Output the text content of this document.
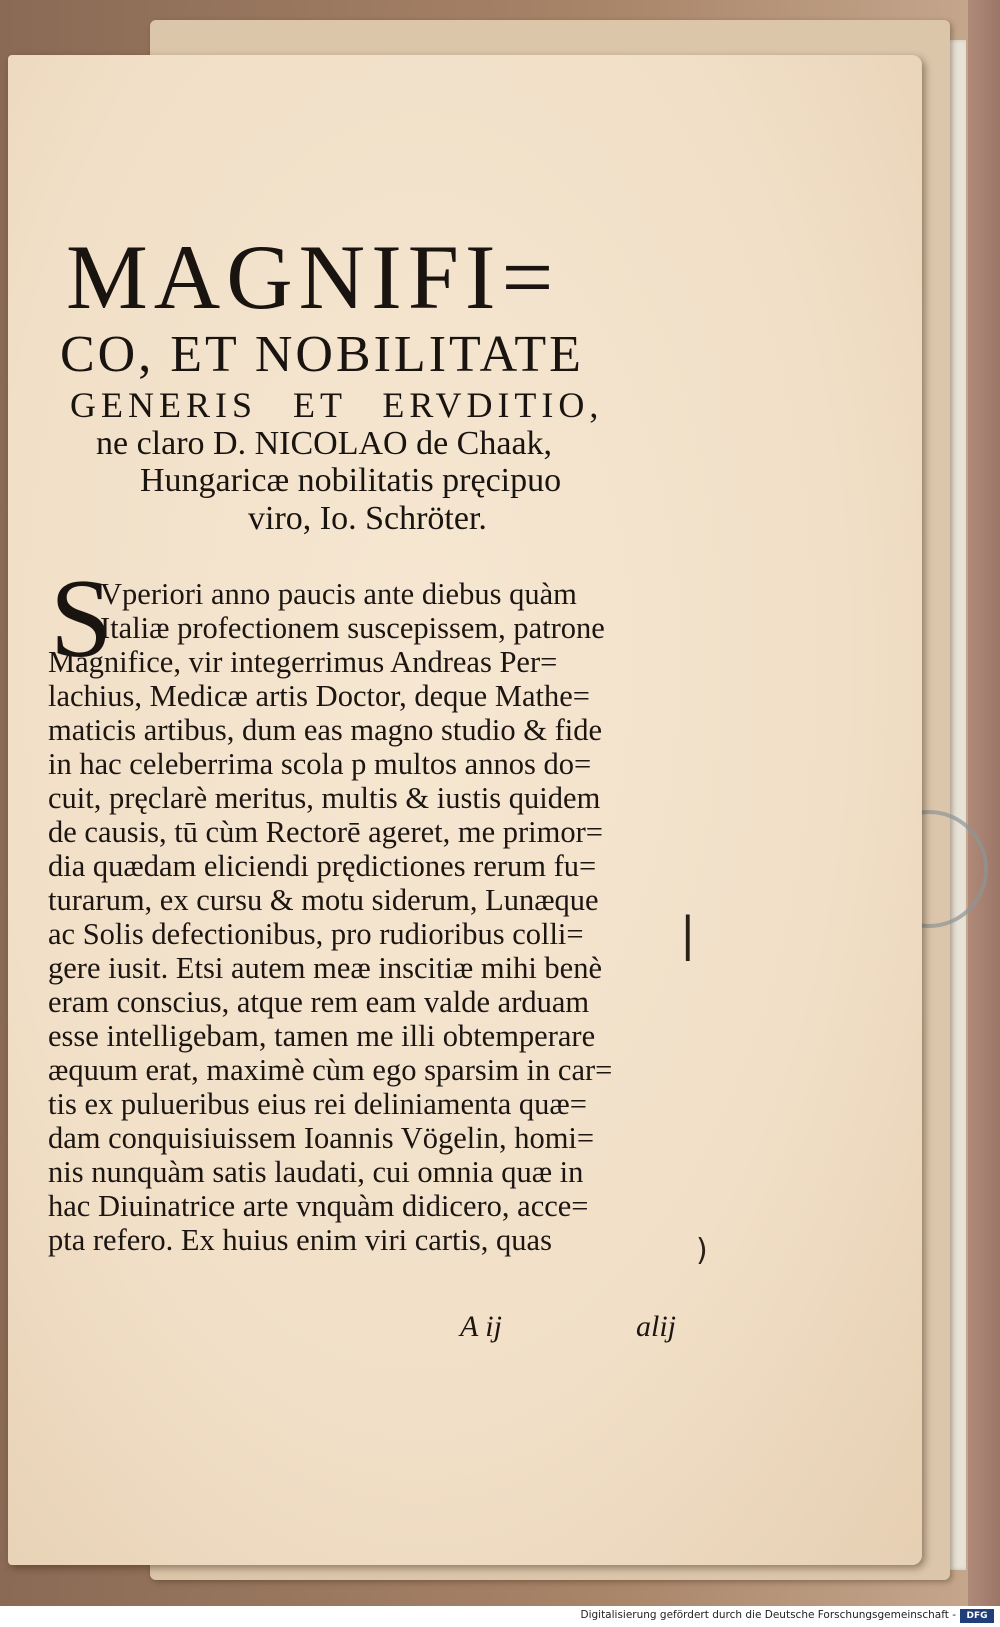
MAGNIFI=
CO, ET NOBILITATE
GENERIS ET ERVDITIO,
ne claro D. NICOLAO de Chaak,
Hungaricæ nobilitatis pręcipuo
viro, Io. Schröter.
S
Vperiori anno paucis ante diebus quàm
Italiæ profectionem suscepissem, patrone
Magnifice, vir integerrimus Andreas Per=
lachius, Medicæ artis Doctor, deque Mathe=
maticis artibus, dum eas magno studio & fide
in hac celeberrima scola p multos annos do=
cuit, pręclarè meritus, multis & iustis quidem
de causis, tū cùm Rectorē ageret, me primor=
dia quædam eliciendi prędictiones rerum fu=
turarum, ex cursu & motu siderum, Lunæque
ac Solis defectionibus, pro rudioribus colli=
gere iusit. Etsi autem meæ inscitiæ mihi benè
eram conscius, atque rem eam valde arduam
esse intelligebam, tamen me illi obtemperare
æquum erat, maximè cùm ego sparsim in car=
tis ex pulueribus eius rei deliniamenta quæ=
dam conquisiuissem Ioannis Vögelin, homi=
nis nunquàm satis laudati, cui omnia quæ in
hac Diuinatrice arte vnquàm didicero, acce=
pta refero. Ex huius enim viri cartis, quas
A ij	alij
|
)
Digitalisierung gefördert durch die Deutsche Forschungsgemeinschaft -	DFG
